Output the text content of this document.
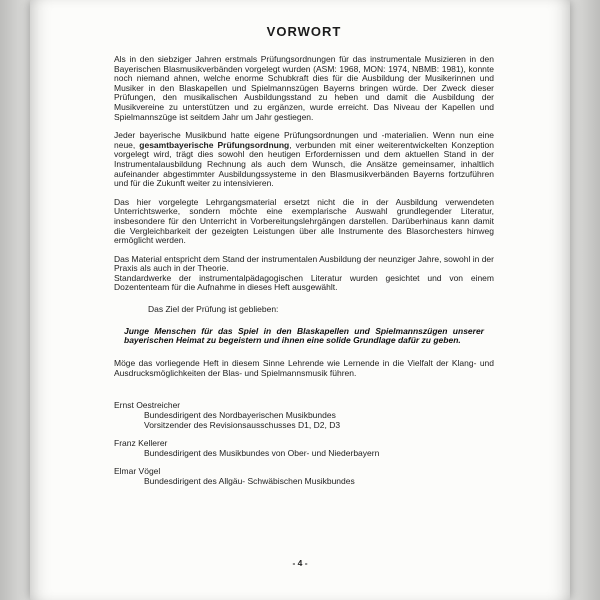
VORWORT

Als in den siebziger Jahren erstmals Prüfungsordnungen für das instrumentale Musizieren in den Bayerischen Blasmusikverbänden vorgelegt wurden (ASM: 1968, MON: 1974, NBMB: 1981), konnte noch niemand ahnen, welche enorme Schubkraft dies für die Ausbildung der Musikerinnen und Musiker in den Blaskapellen und Spielmannszügen Bayerns bringen würde. Der Zweck dieser Prüfungen, den musikalischen Ausbildungsstand zu heben und damit die Ausbildung der Musikvereine zu unterstützen und zu ergänzen, wurde erreicht. Das Niveau der Kapellen und Spielmannszüge ist seitdem Jahr um Jahr gestiegen.

Jeder bayerische Musikbund hatte eigene Prüfungsordnungen und -materialien. Wenn nun eine neue, gesamtbayerische Prüfungsordnung, verbunden mit einer weiterentwickelten Konzeption vorgelegt wird, trägt dies sowohl den heutigen Erfordernissen und dem aktuellen Stand in der Instrumentalausbildung Rechnung als auch dem Wunsch, die Ansätze gemeinsamer, inhaltlich aufeinander abgestimmter Ausbildungssysteme in den Blasmusikverbänden Bayerns fortzuführen und für die Zukunft weiter zu intensivieren.

Das hier vorgelegte Lehrgangsmaterial ersetzt nicht die in der Ausbildung verwendeten Unterrichtswerke, sondern möchte eine exemplarische Auswahl grundlegender Literatur, insbesondere für den Unterricht in Vorbereitungslehrgängen darstellen. Darüberhinaus kann damit die Vergleichbarkeit der gezeigten Leistungen über alle Instrumente des Blasorchesters hinweg ermöglicht werden.

Das Material entspricht dem Stand der instrumentalen Ausbildung der neunziger Jahre, sowohl in der Praxis als auch in der Theorie.

Standardwerke der instrumentalpädagogischen Literatur wurden gesichtet und von einem Dozententeam für die Aufnahme in dieses Heft ausgewählt.

Das Ziel der Prüfung ist geblieben:

Junge Menschen für das Spiel in den Blaskapellen und Spielmannszügen unserer bayerischen Heimat zu begeistern und ihnen eine solide Grundlage dafür zu geben.

Möge das vorliegende Heft in diesem Sinne Lehrende wie Lernende in die Vielfalt der Klang- und Ausdrucksmöglichkeiten der Blas- und Spielmannsmusik führen.

Ernst Oestreicher
Bundesdirigent des Nordbayerischen Musikbundes
Vorsitzender des Revisionsausschusses D1, D2, D3
Franz Kellerer
Bundesdirigent des Musikbundes von Ober- und Niederbayern
Elmar Vögel
Bundesdirigent des Allgäu- Schwäbischen Musikbundes
- 4 -
